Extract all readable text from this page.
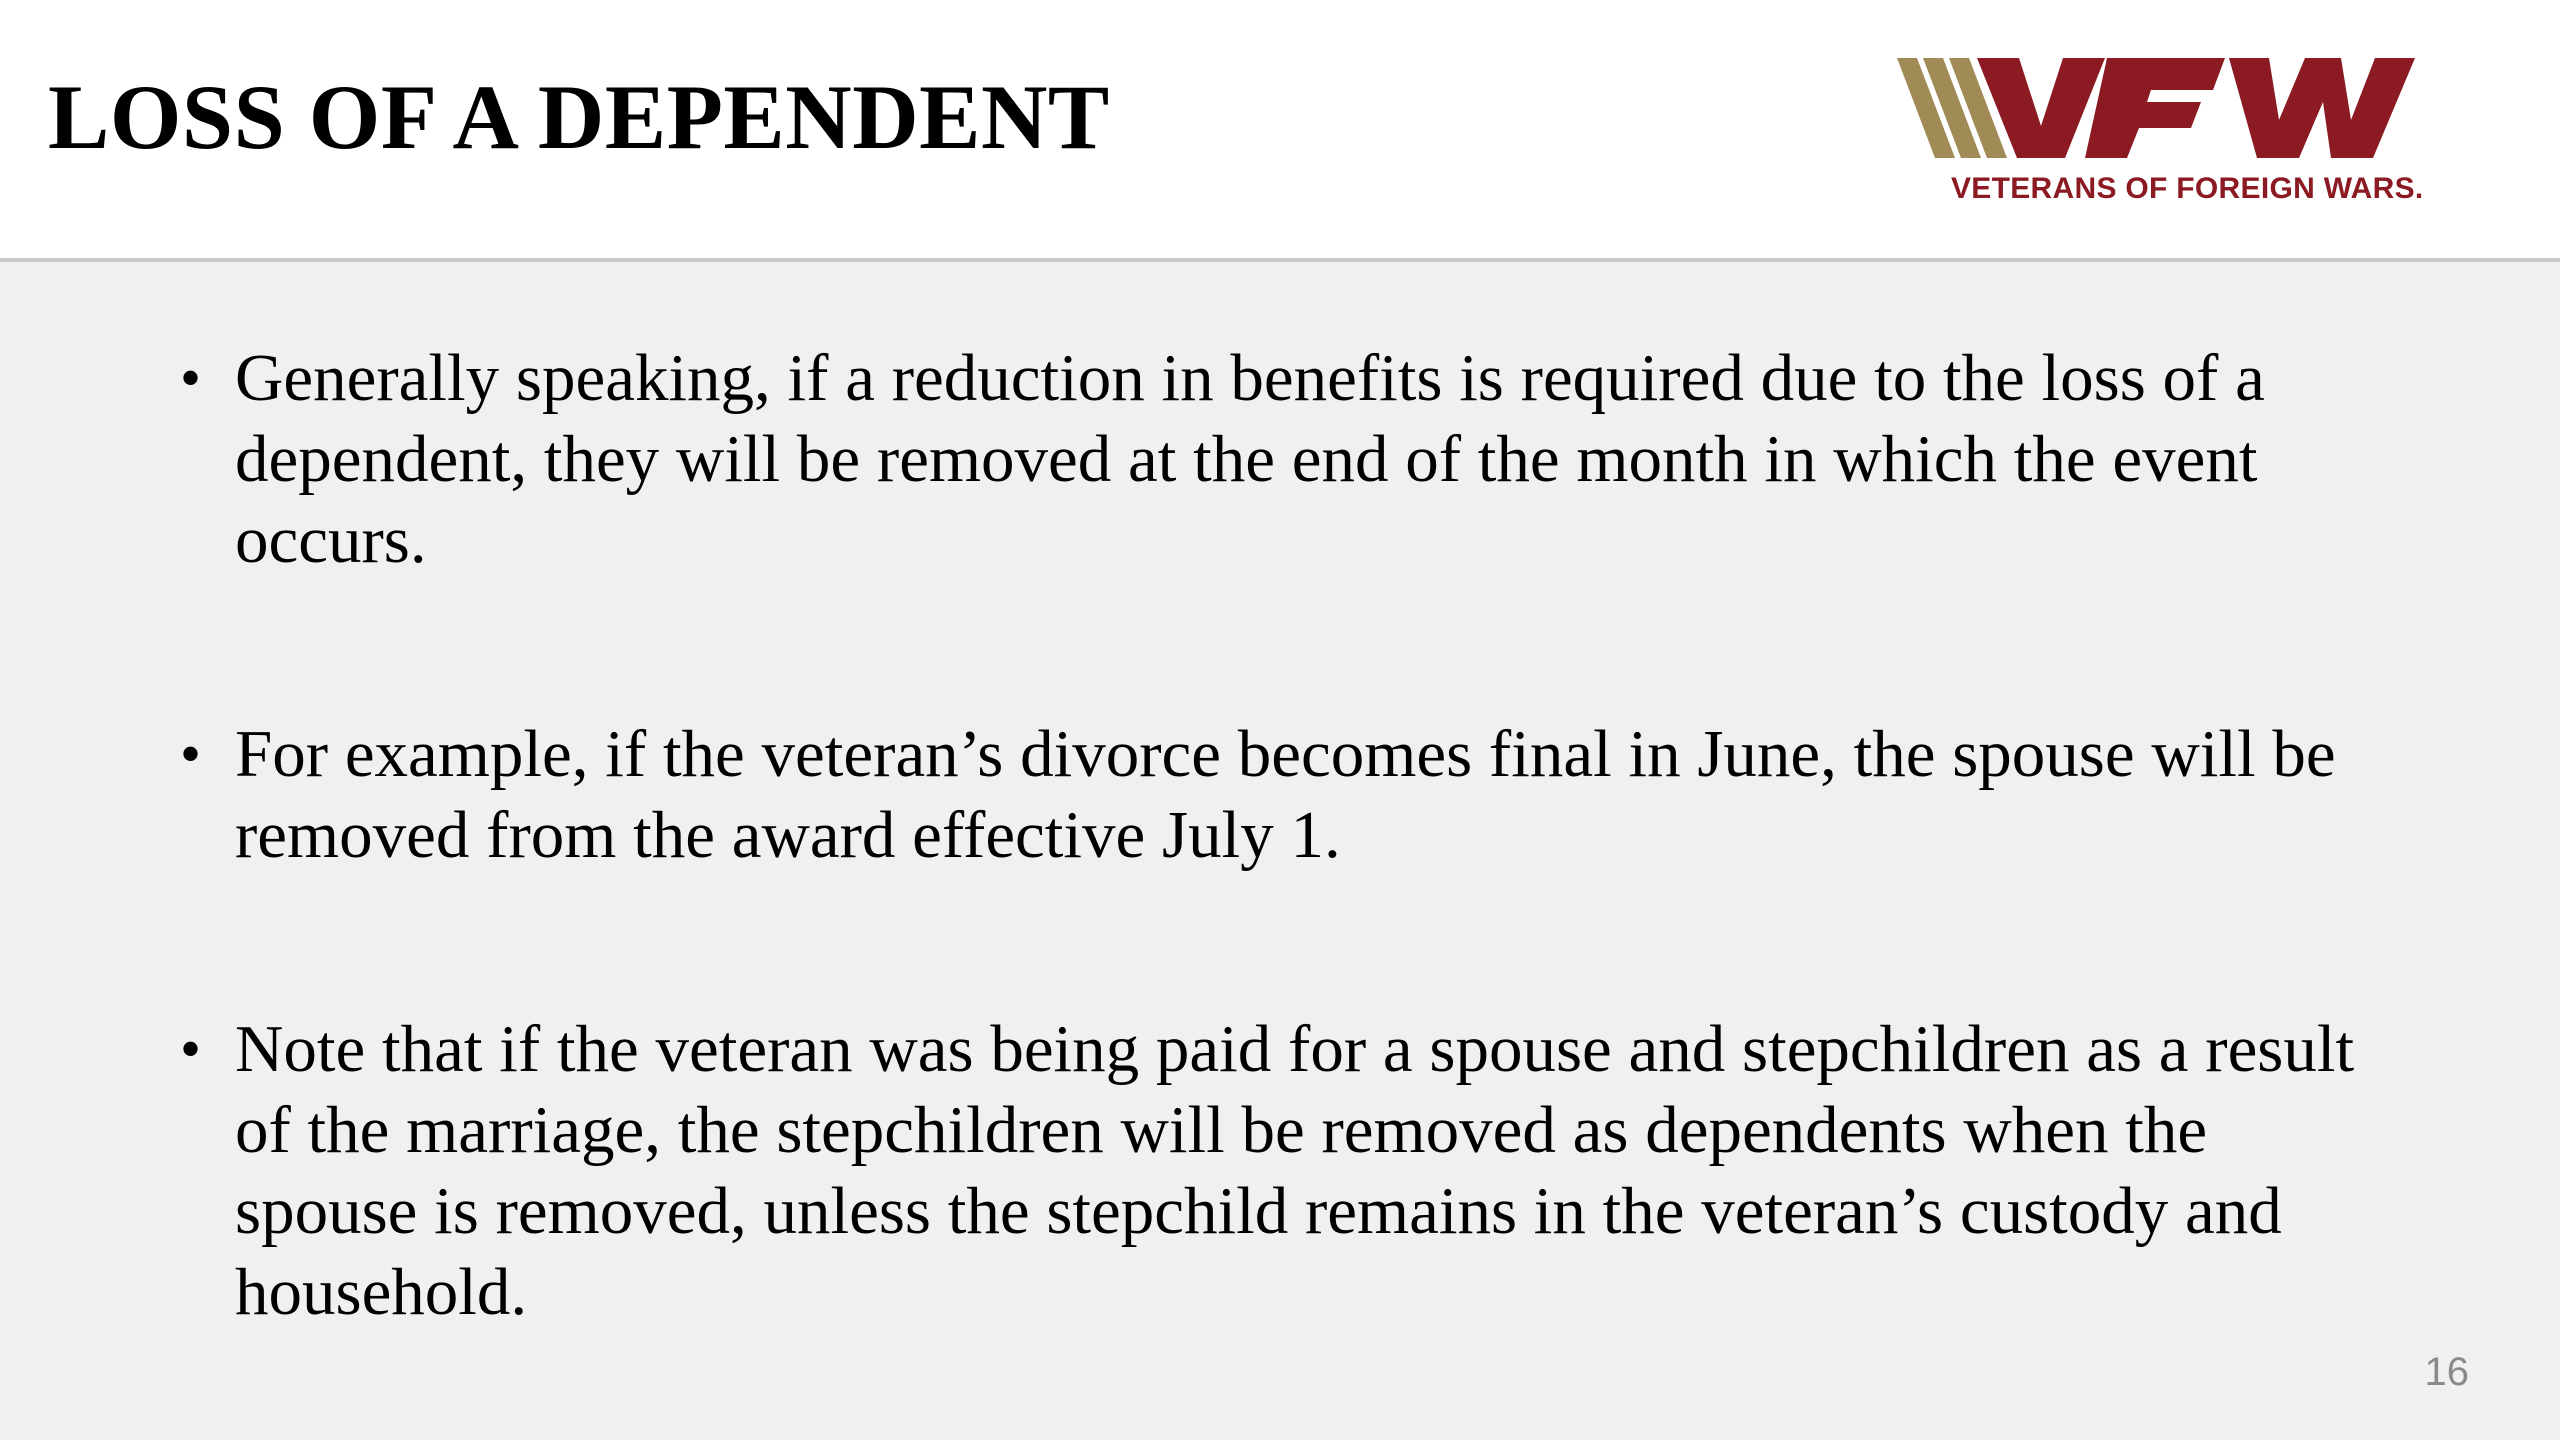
LOSS OF A DEPENDENT
VETERANS OF FOREIGN WARS.
• Generally speaking, if a reduction in benefits is required due to the loss of a dependent, they will be removed at the end of the month in which the event occurs.
• For example, if the veteran’s divorce becomes final in June, the spouse will be removed from the award effective July 1.
• Note that if the veteran was being paid for a spouse and stepchildren as a result of the marriage, the stepchildren will be removed as dependents when the spouse is removed, unless the stepchild remains in the veteran’s custody and household.
16
